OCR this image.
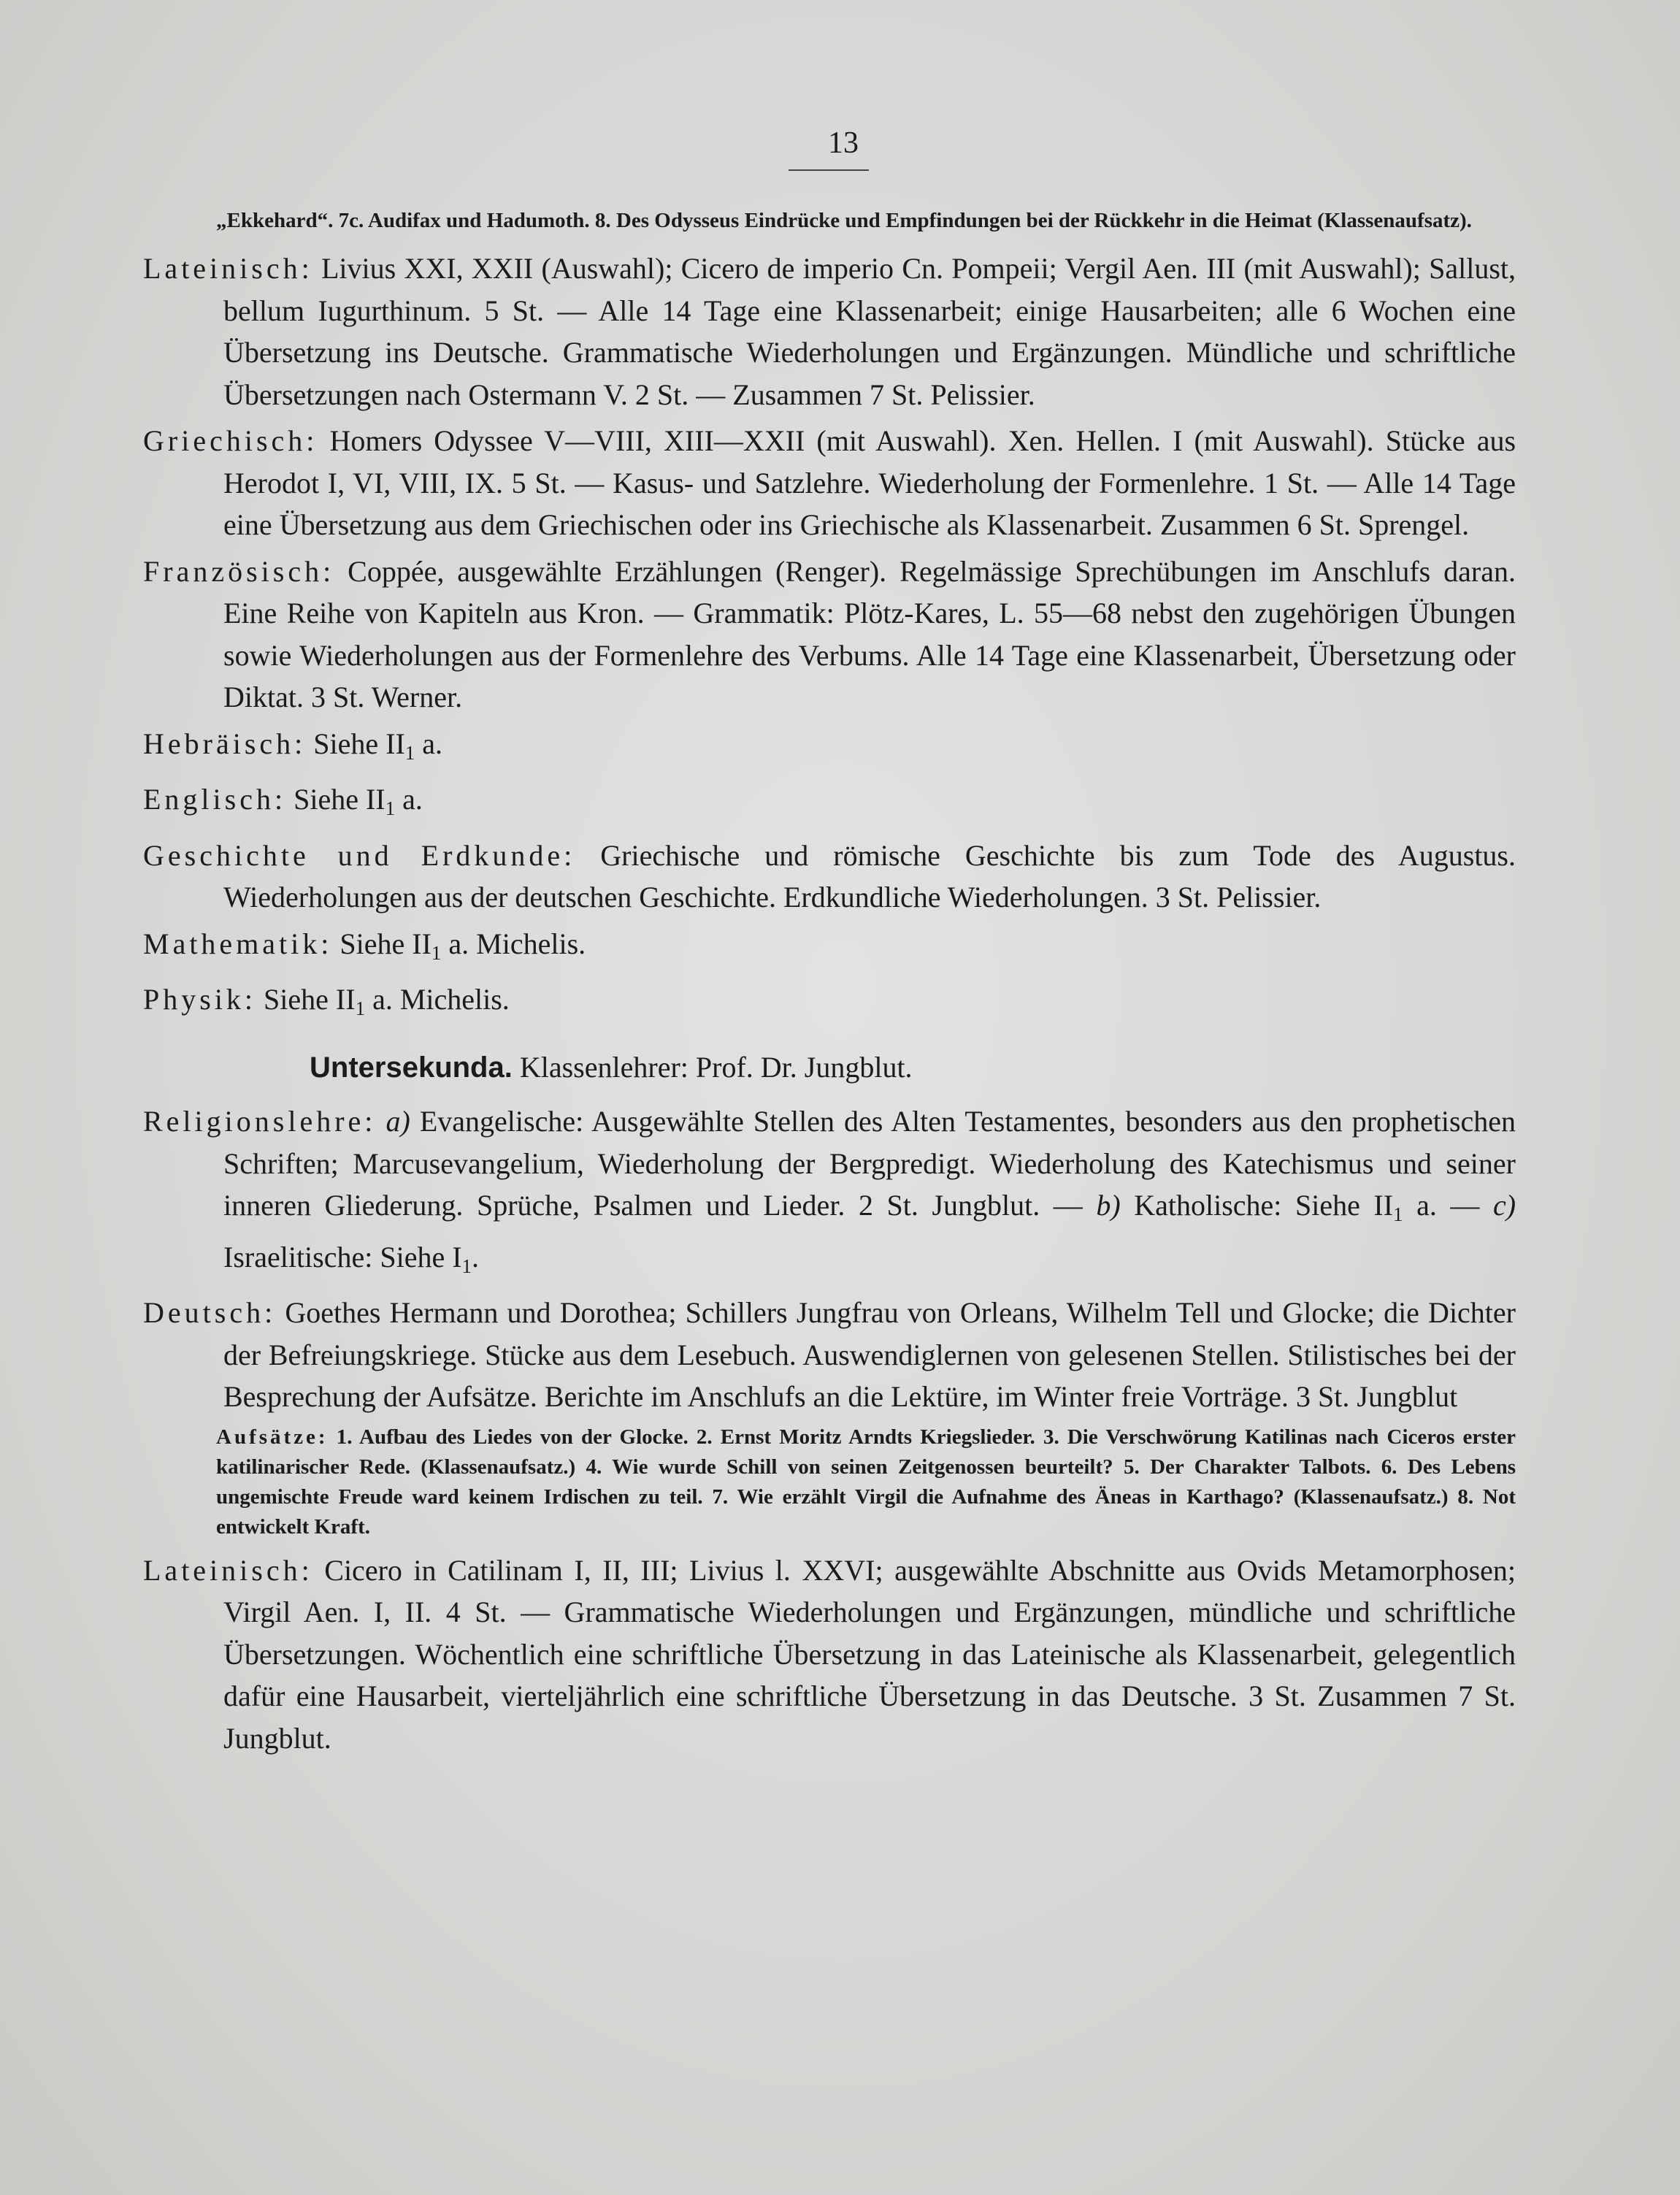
13

„Ekkehard“. 7c. Audifax und Hadumoth. 8. Des Odysseus Eindrücke und Empfindungen bei der Rückkehr in die Heimat (Klassenaufsatz).

Lateinisch: Livius XXI, XXII (Auswahl); Cicero de imperio Cn. Pompeii; Vergil Aen. III (mit Auswahl); Sallust, bellum Iugurthinum. 5 St. — Alle 14 Tage eine Klassenarbeit; einige Hausarbeiten; alle 6 Wochen eine Übersetzung ins Deutsche. Grammatische Wiederholungen und Ergänzungen. Mündliche und schriftliche Übersetzungen nach Ostermann V. 2 St. — Zusammen 7 St. Pelissier.

Griechisch: Homers Odyssee V—VIII, XIII—XXII (mit Auswahl). Xen. Hellen. I (mit Auswahl). Stücke aus Herodot I, VI, VIII, IX. 5 St. — Kasus- und Satzlehre. Wiederholung der Formenlehre. 1 St. — Alle 14 Tage eine Übersetzung aus dem Griechischen oder ins Griechische als Klassenarbeit. Zusammen 6 St. Sprengel.

Französisch: Coppée, ausgewählte Erzählungen (Renger). Regelmässige Sprechübungen im Anschlufs daran. Eine Reihe von Kapiteln aus Kron. — Grammatik: Plötz-Kares, L. 55—68 nebst den zugehörigen Übungen sowie Wiederholungen aus der Formenlehre des Verbums. Alle 14 Tage eine Klassenarbeit, Übersetzung oder Diktat. 3 St. Werner.

Hebräisch: Siehe $II_1$ a.

Englisch: Siehe $II_1$ a.

Geschichte und Erdkunde: Griechische und römische Geschichte bis zum Tode des Augustus. Wiederholungen aus der deutschen Geschichte. Erdkundliche Wiederholungen. 3 St. Pelissier.

Mathematik: Siehe $II_1$ a. Michelis.

Physik: Siehe $II_1$ a. Michelis.

Untersekunda. Klassenlehrer: Prof. Dr. Jungblut.

Religionslehre: a) Evangelische: Ausgewählte Stellen des Alten Testamentes, besonders aus den prophetischen Schriften; Marcusevangelium, Wiederholung der Bergpredigt. Wiederholung des Katechismus und seiner inneren Gliederung. Sprüche, Psalmen und Lieder. 2 St. Jungblut. — b) Katholische: Siehe $II_1$ a. — c) Israelitische: Siehe $I_1$.

Deutsch: Goethes Hermann und Dorothea; Schillers Jungfrau von Orleans, Wilhelm Tell und Glocke; die Dichter der Befreiungskriege. Stücke aus dem Lesebuch. Auswendiglernen von gelesenen Stellen. Stilistisches bei der Besprechung der Aufsätze. Berichte im Anschlufs an die Lektüre, im Winter freie Vorträge. 3 St. Jungblut

Aufsätze: 1. Aufbau des Liedes von der Glocke. 2. Ernst Moritz Arndts Kriegslieder. 3. Die Verschwörung Katilinas nach Ciceros erster katilinarischer Rede. (Klassenaufsatz.) 4. Wie wurde Schill von seinen Zeitgenossen beurteilt? 5. Der Charakter Talbots. 6. Des Lebens ungemischte Freude ward keinem Irdischen zu teil. 7. Wie erzählt Virgil die Aufnahme des Äneas in Karthago? (Klassenaufsatz.) 8. Not entwickelt Kraft.

Lateinisch: Cicero in Catilinam I, II, III; Livius l. XXVI; ausgewählte Abschnitte aus Ovids Metamorphosen; Virgil Aen. I, II. 4 St. — Grammatische Wiederholungen und Ergänzungen, mündliche und schriftliche Übersetzungen. Wöchentlich eine schriftliche Übersetzung in das Lateinische als Klassenarbeit, gelegentlich dafür eine Hausarbeit, vierteljährlich eine schriftliche Übersetzung in das Deutsche. 3 St. Zusammen 7 St. Jungblut.
